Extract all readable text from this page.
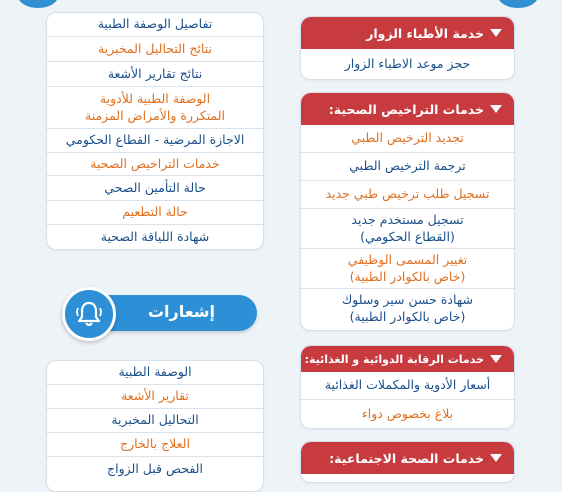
تفاصيل الوصفة الطبية
نتائج التحاليل المخبرية
نتائج تقارير الأشعة
الوصفة الطبية للأدوية
المتكررة والأمراض المزمنة
الاجازة المرضية - القطاع الحكومي
خدمات التراخيص الصحية
حالة التأمين الصحي
حالة التطعيم
شهادة اللياقة الصحية
إشعارات
الوصفة الطبية
تقارير الأشعة
التحاليل المخبرية
العلاج بالخارج
الفحص قبل الزواج
خدمة الأطباء الزوار
حجز موعد الاطباء الزوار
خدمات التراخيص الصحية:
تجديد الترخيص الطبي
ترجمة الترخيص الطبي
تسجيل طلب ترخيص طبي جديد
تسجيل مستخدم جديد
(القطاع الحكومي)
تغيير المسمى الوظيفي
(خاص بالكوادر الطبية)
شهادة حسن سير وسلوك
(خاص بالكوادر الطبية)
خدمات الرقابة الدوائية و الغذائية:
أسعار الأدوية والمكملات الغذائية
بلاغ بخصوص دواء
خدمات الصحة الاجتماعية:
